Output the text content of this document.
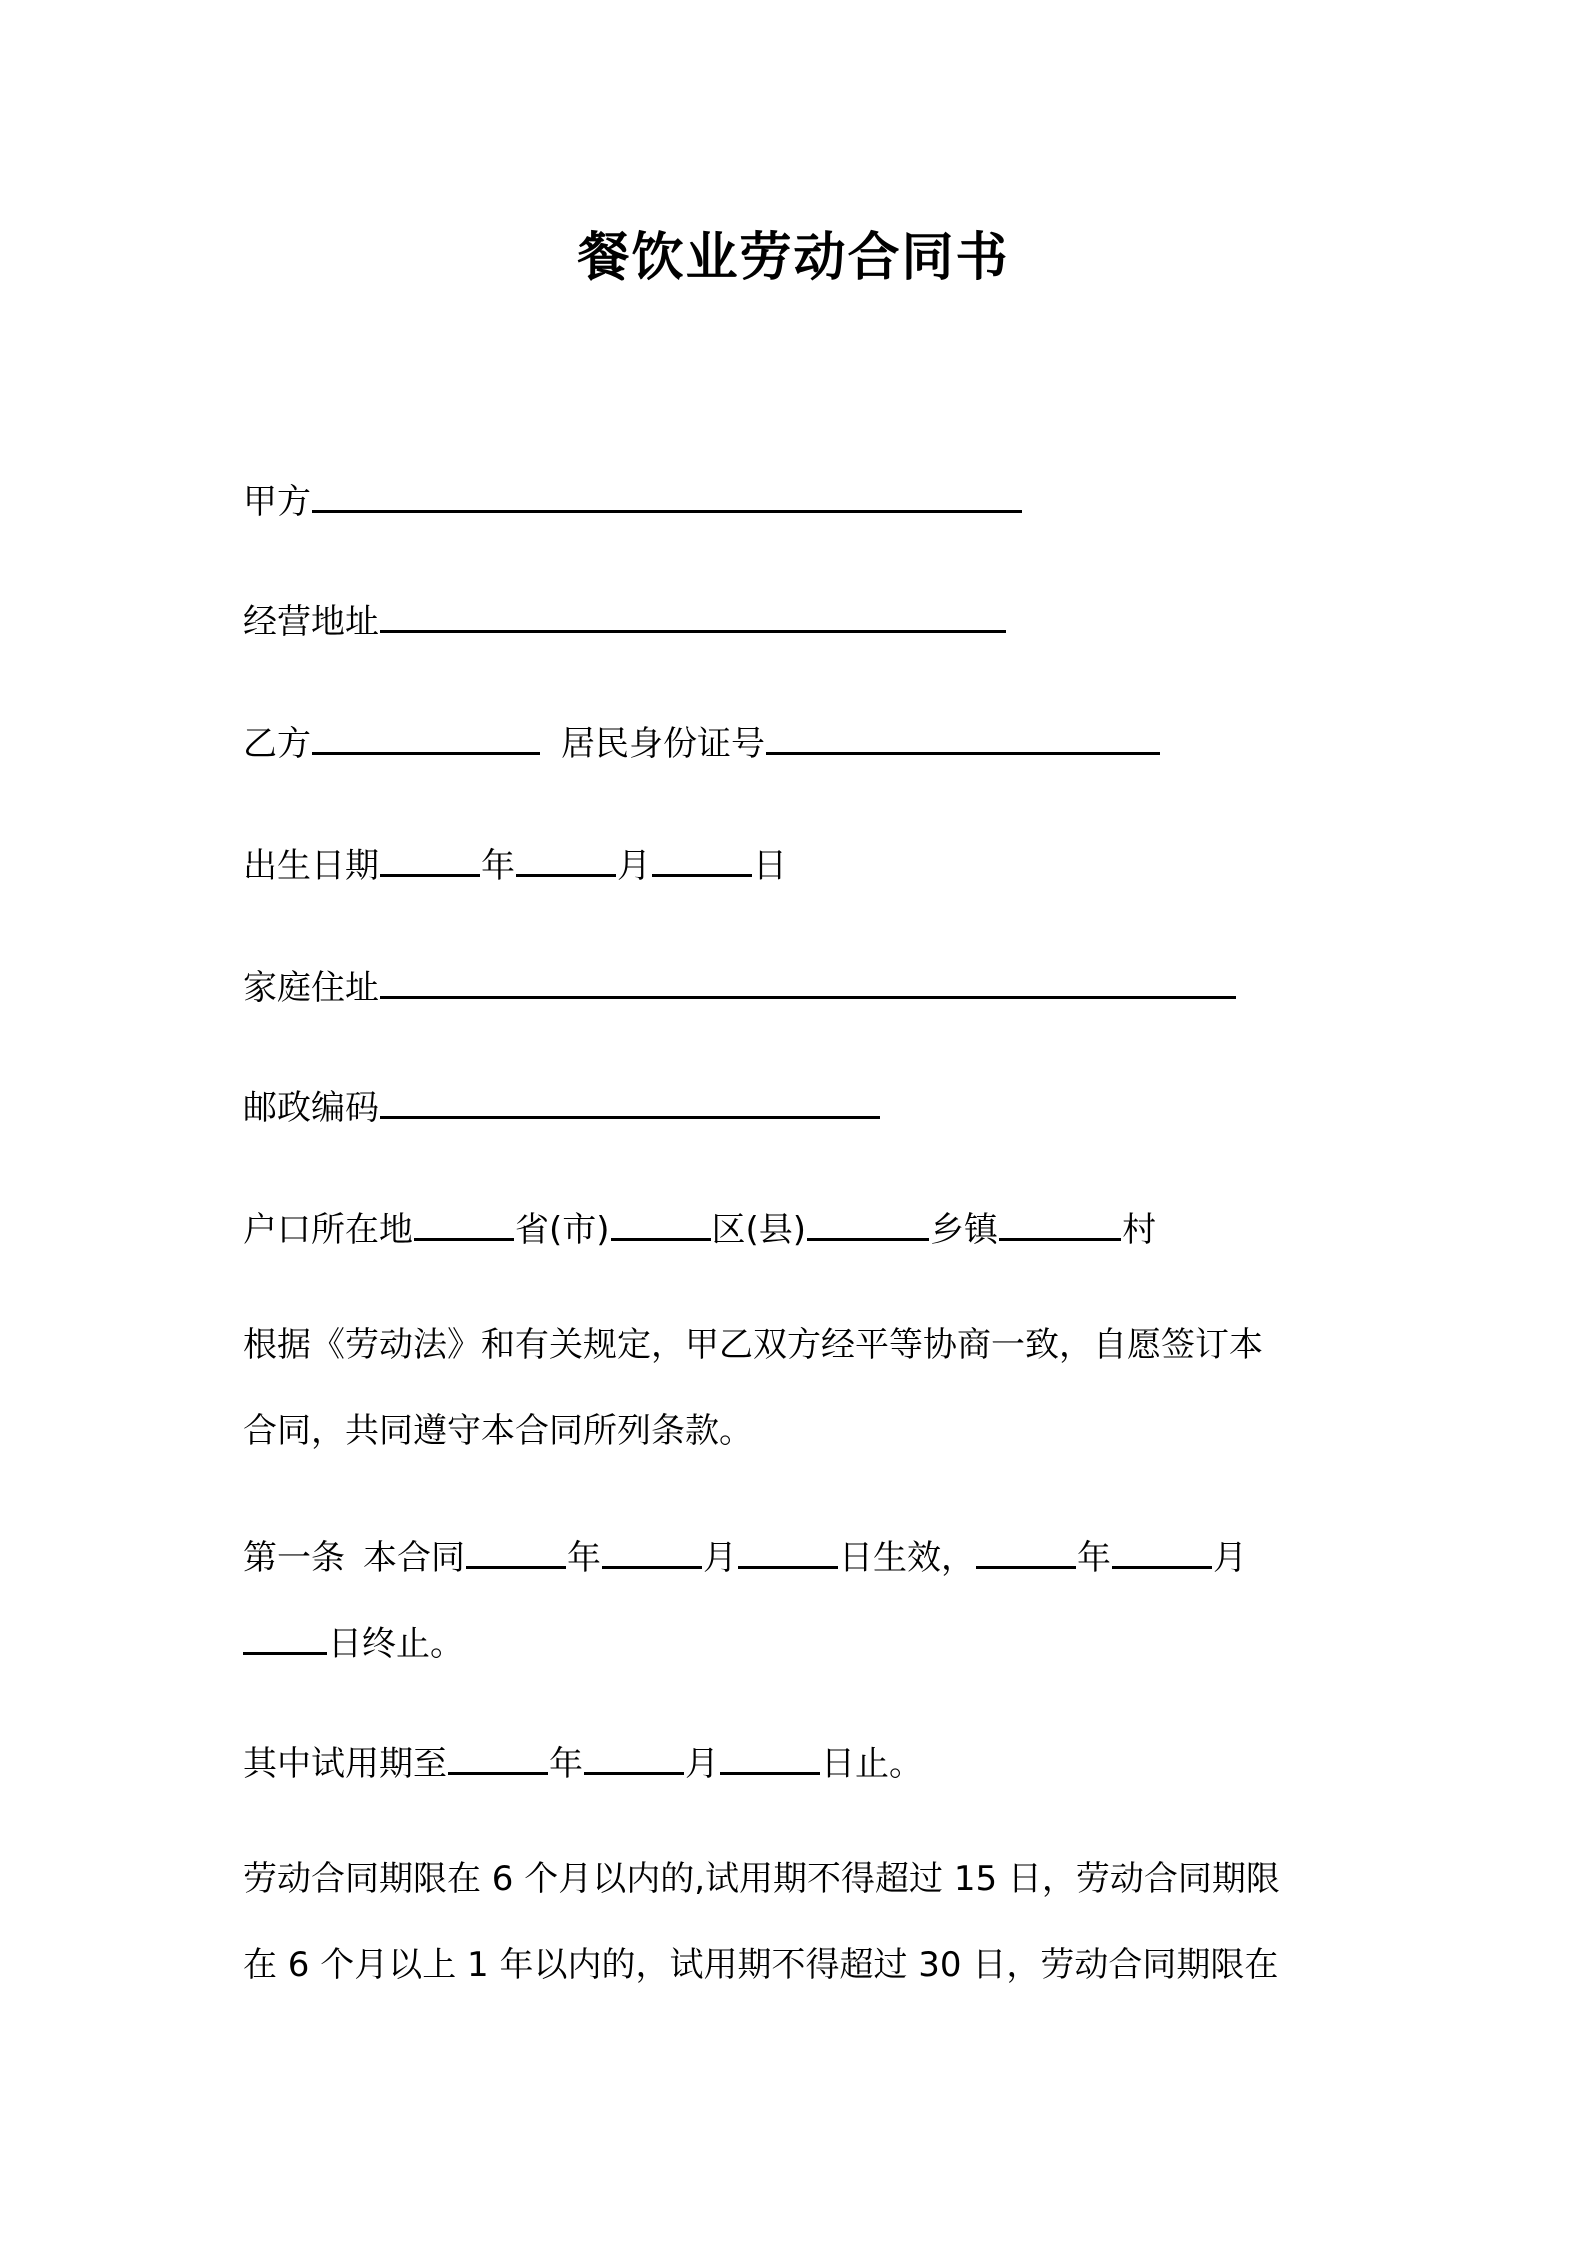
餐饮业劳动合同书
甲方
经营地址
乙方	居民身份证号
出生日期	年	月	日
家庭住址
邮政编码
户口所在地	省(市)	区(县)	乡镇	村
根据《劳动法》和有关规定，甲乙双方经平等协商一致，自愿签订本
合同，共同遵守本合同所列条款。
第一条 本合同	年	月	日生效，	年	月
日终止。
其中试用期至	年	月	日止。
劳动合同期限在 6 个月以内的,试用期不得超过 15 日，劳动合同期限
在 6 个月以上 1 年以内的，试用期不得超过 30 日，劳动合同期限在
